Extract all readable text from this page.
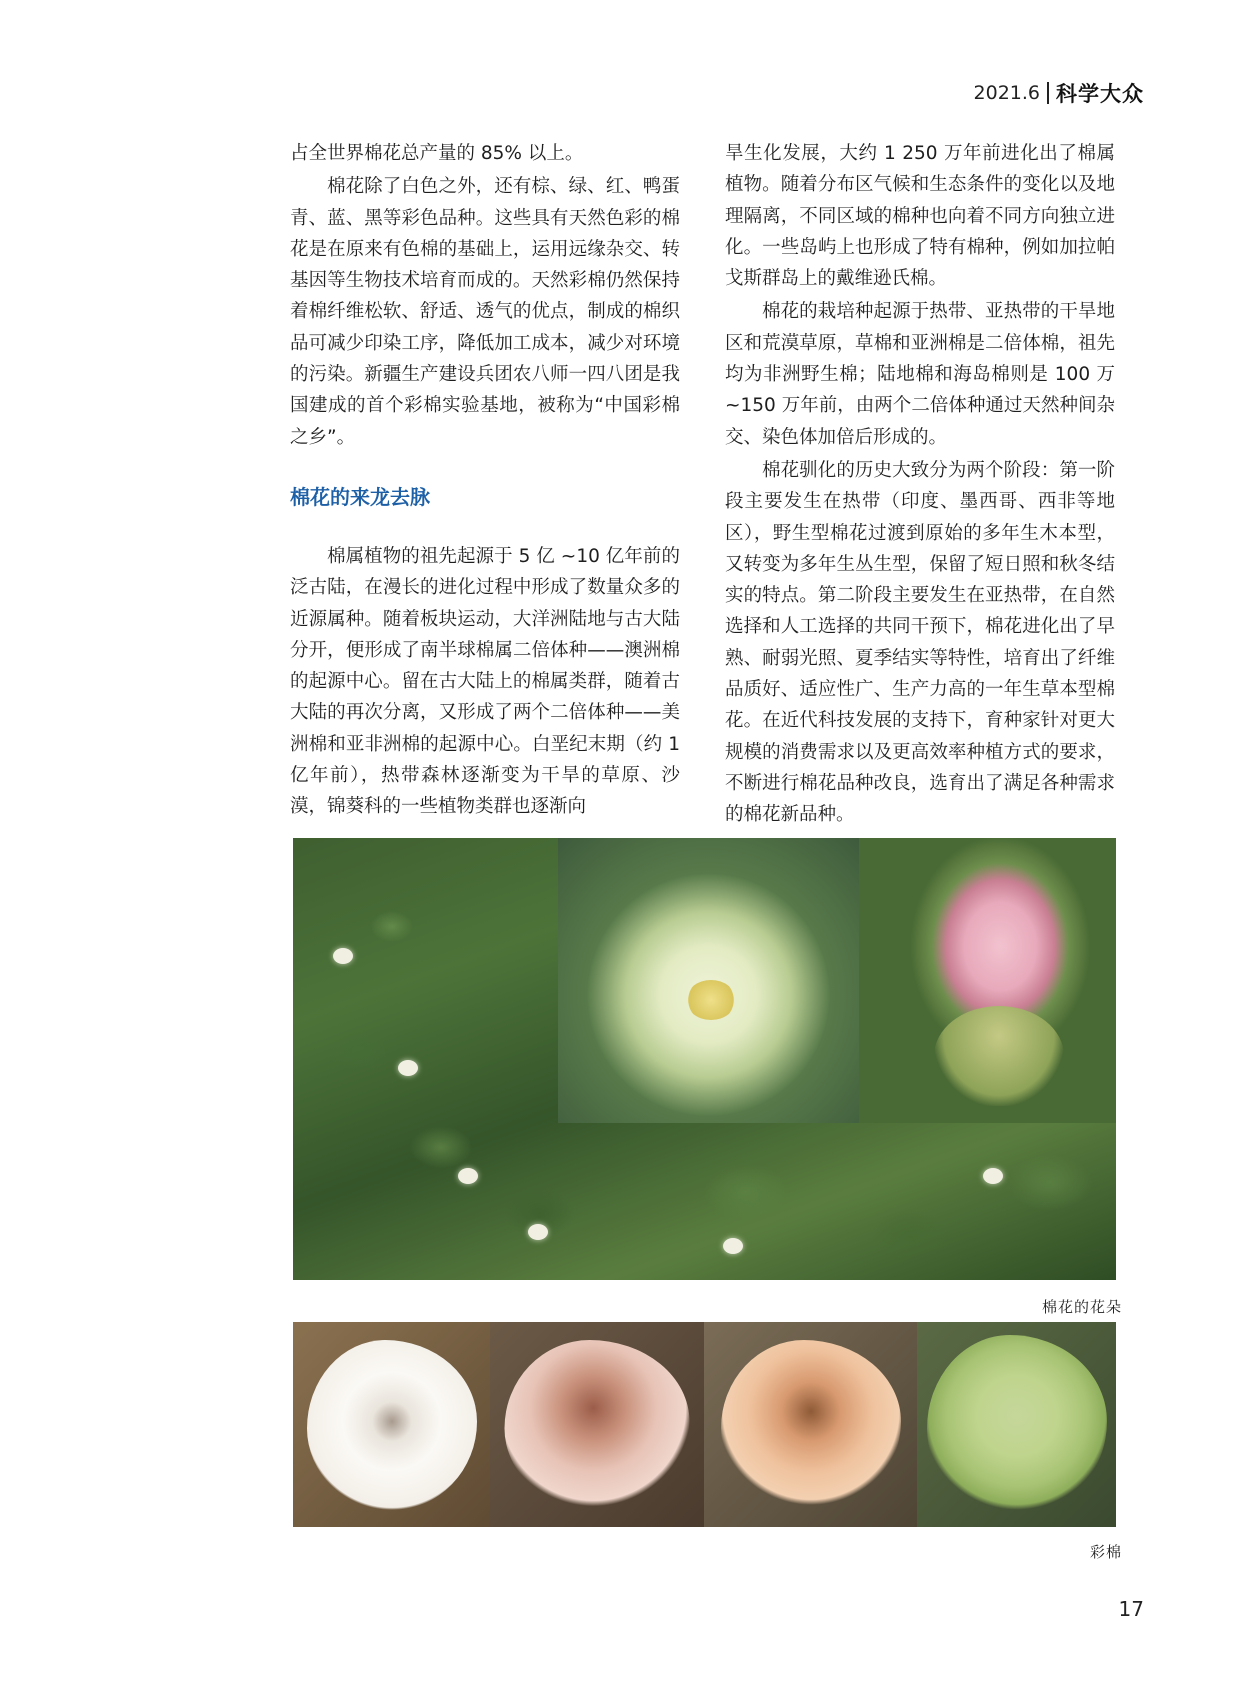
2021.6 科学大众

占全世界棉花总产量的 85% 以上。

棉花除了白色之外，还有棕、绿、红、鸭蛋青、蓝、黑等彩色品种。这些具有天然色彩的棉花是在原来有色棉的基础上，运用远缘杂交、转基因等生物技术培育而成的。天然彩棉仍然保持着棉纤维松软、舒适、透气的优点，制成的棉织品可减少印染工序，降低加工成本，减少对环境的污染。新疆生产建设兵团农八师一四八团是我国建成的首个彩棉实验基地，被称为“中国彩棉之乡”。

棉花的来龙去脉

棉属植物的祖先起源于 5 亿 ~10 亿年前的泛古陆，在漫长的进化过程中形成了数量众多的近源属种。随着板块运动，大洋洲陆地与古大陆分开，便形成了南半球棉属二倍体种——澳洲棉的起源中心。留在古大陆上的棉属类群，随着古大陆的再次分离，又形成了两个二倍体种——美洲棉和亚非洲棉的起源中心。白垩纪末期（约 1 亿年前），热带森林逐渐变为干旱的草原、沙漠，锦葵科的一些植物类群也逐渐向

旱生化发展，大约 1 250 万年前进化出了棉属植物。随着分布区气候和生态条件的变化以及地理隔离，不同区域的棉种也向着不同方向独立进化。一些岛屿上也形成了特有棉种，例如加拉帕戈斯群岛上的戴维逊氏棉。

棉花的栽培种起源于热带、亚热带的干旱地区和荒漠草原，草棉和亚洲棉是二倍体棉，祖先均为非洲野生棉；陆地棉和海岛棉则是 100 万 ~150 万年前，由两个二倍体种通过天然种间杂交、染色体加倍后形成的。

棉花驯化的历史大致分为两个阶段：第一阶段主要发生在热带（印度、墨西哥、西非等地区），野生型棉花过渡到原始的多年生木本型，又转变为多年生丛生型，保留了短日照和秋冬结实的特点。第二阶段主要发生在亚热带，在自然选择和人工选择的共同干预下，棉花进化出了早熟、耐弱光照、夏季结实等特性，培育出了纤维品质好、适应性广、生产力高的一年生草本型棉花。在近代科技发展的支持下，育种家针对更大规模的消费需求以及更高效率种植方式的要求，不断进行棉花品种改良，选育出了满足各种需求的棉花新品种。

棉花的花朵
彩棉
17
